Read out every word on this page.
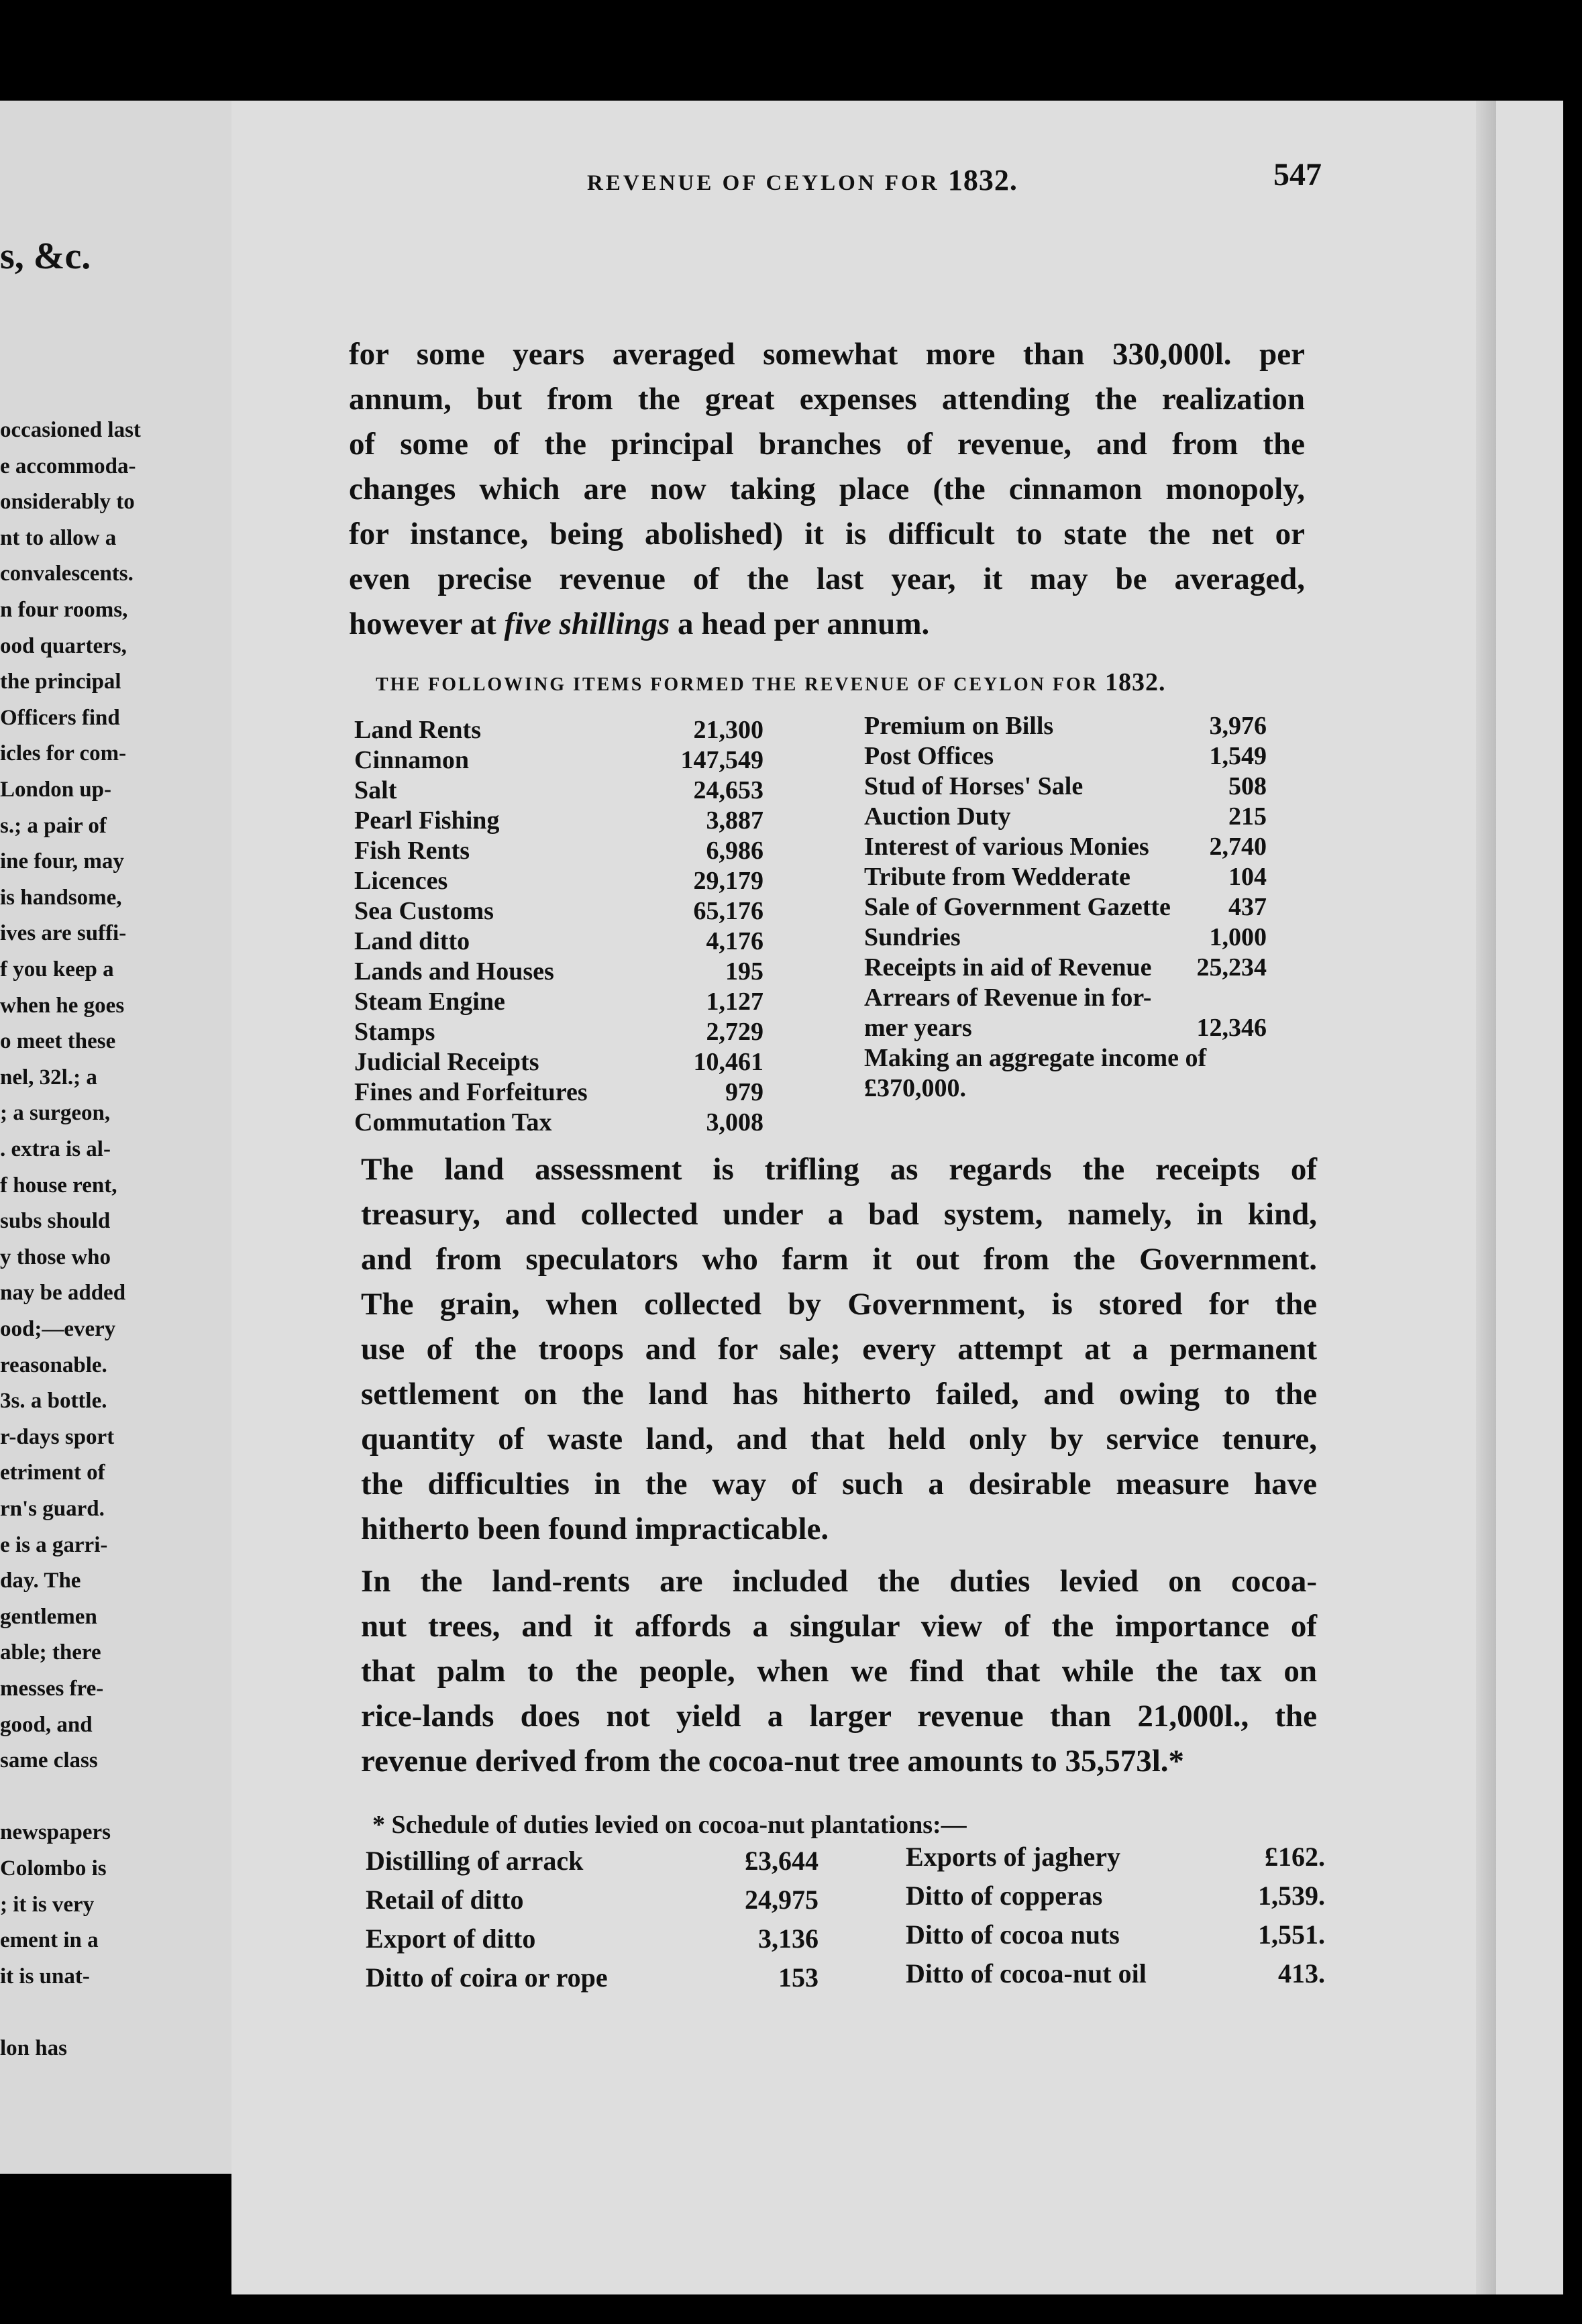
s, &c.
occasioned last
e accommoda-
onsiderably to
nt to allow a
convalescents.
n four rooms,
ood quarters,
the principal
Officers find
icles for com-
London up-
s.; a pair of
ine four, may
is handsome,
ives are suffi-
f you keep a
when he goes
o meet these
nel, 32l.; a
; a surgeon,
. extra is al-
f house rent,
subs should
y those who
nay be added
ood;—every
reasonable.
3s. a bottle.
r-days sport
etriment of
rn's guard.
e is a garri-
day. The
gentlemen
able; there
messes fre-
good, and
same class
newspapers
Colombo is
; it is very
ement in a
it is unat-
lon has
REVENUE OF CEYLON FOR 1832.	547
for some years averaged somewhat more than 330,000l. per
annum, but from the great expenses attending the realization
of some of the principal branches of revenue, and from the
changes which are now taking place (the cinnamon monopoly,
for instance, being abolished) it is difficult to state the net or
even precise revenue of the last year, it may be averaged,
however at five shillings a head per annum.
THE FOLLOWING ITEMS FORMED THE REVENUE OF CEYLON FOR 1832.
Land Rents	21,300
Cinnamon	147,549
Salt	24,653
Pearl Fishing	3,887
Fish Rents	6,986
Licences	29,179
Sea Customs	65,176
Land ditto	4,176
Lands and Houses	195
Steam Engine	1,127
Stamps	2,729
Judicial Receipts	10,461
Fines and Forfeitures	979
Commutation Tax	3,008
Premium on Bills	3,976
Post Offices	1,549
Stud of Horses' Sale	508
Auction Duty	215
Interest of various Monies 2,740
Tribute from Wedderate	104
Sale of Government Gazette 437
Sundries	1,000
Receipts in aid of Revenue 25,234
Arrears of Revenue in for-
mer years	12,346
Making an aggregate income of
£370,000.
The land assessment is trifling as regards the receipts of
treasury, and collected under a bad system, namely, in kind,
and from speculators who farm it out from the Government.
The grain, when collected by Government, is stored for the
use of the troops and for sale; every attempt at a permanent
settlement on the land has hitherto failed, and owing to the
quantity of waste land, and that held only by service tenure,
the difficulties in the way of such a desirable measure have
hitherto been found impracticable.
In the land-rents are included the duties levied on cocoa-
nut trees, and it affords a singular view of the importance of
that palm to the people, when we find that while the tax on
rice-lands does not yield a larger revenue than 21,000l., the
revenue derived from the cocoa-nut tree amounts to 35,573l.*
* Schedule of duties levied on cocoa-nut plantations:—
Distilling of arrack	£3,644
Retail of ditto	24,975
Export of ditto	3,136
Ditto of coira or rope	153
Exports of jaghery	£162.
Ditto of copperas	1,539.
Ditto of cocoa nuts	1,551.
Ditto of cocoa-nut oil	413.
